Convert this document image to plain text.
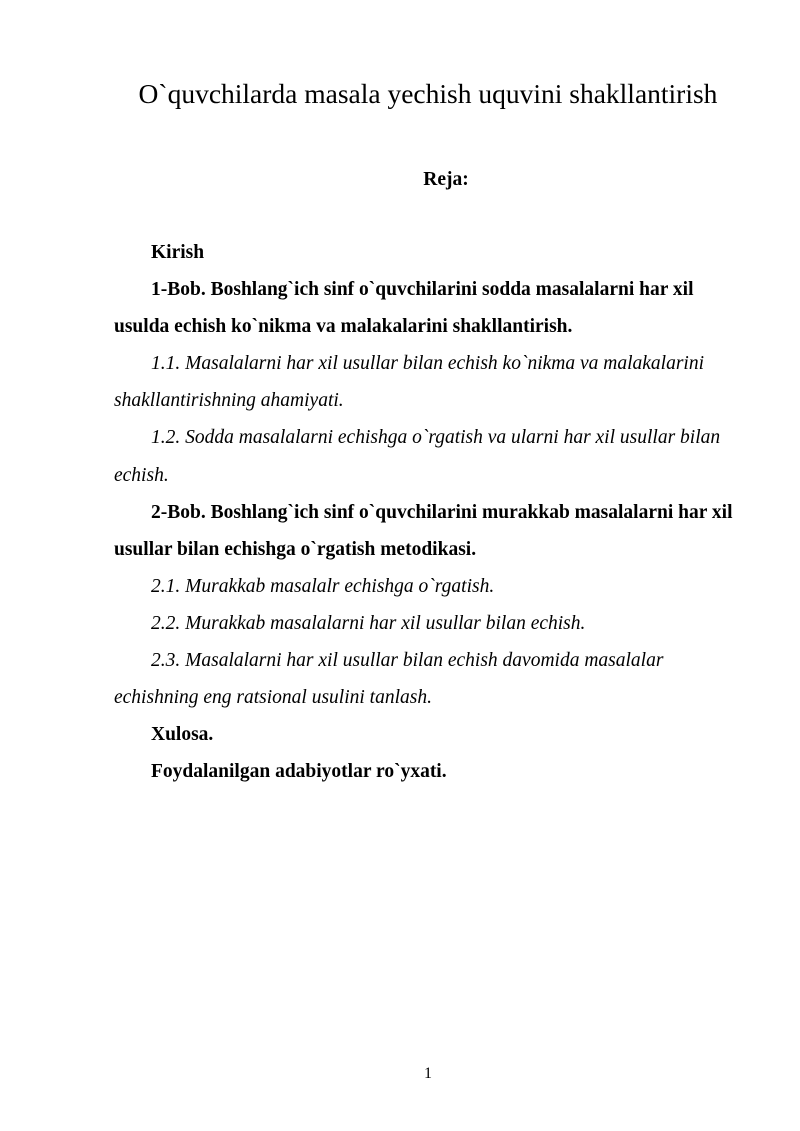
O`quvchilarda masala yechish uquvini shakllantirish
Reja:

Kirish

1-Bob. Boshlang`ich sinf o`quvchilarini sodda masalalarni har xil usulda echish ko`nikma va malakalarini shakllantirish.

1.1. Masalalarni har xil usullar bilan echish ko`nikma va malakalarini shakllantirishning ahamiyati.

1.2. Sodda masalalarni echishga o`rgatish va ularni har xil usullar bilan echish.

2-Bob. Boshlang`ich sinf o`quvchilarini murakkab masalalarni har xil usullar bilan echishga o`rgatish metodikasi.

2.1. Murakkab masalalr echishga o`rgatish.

2.2. Murakkab masalalarni har xil usullar bilan echish.

2.3. Masalalarni har xil usullar bilan echish davomida masalalar echishning eng ratsional usulini tanlash.

Xulosa.

Foydalanilgan adabiyotlar ro`yxati.

1
